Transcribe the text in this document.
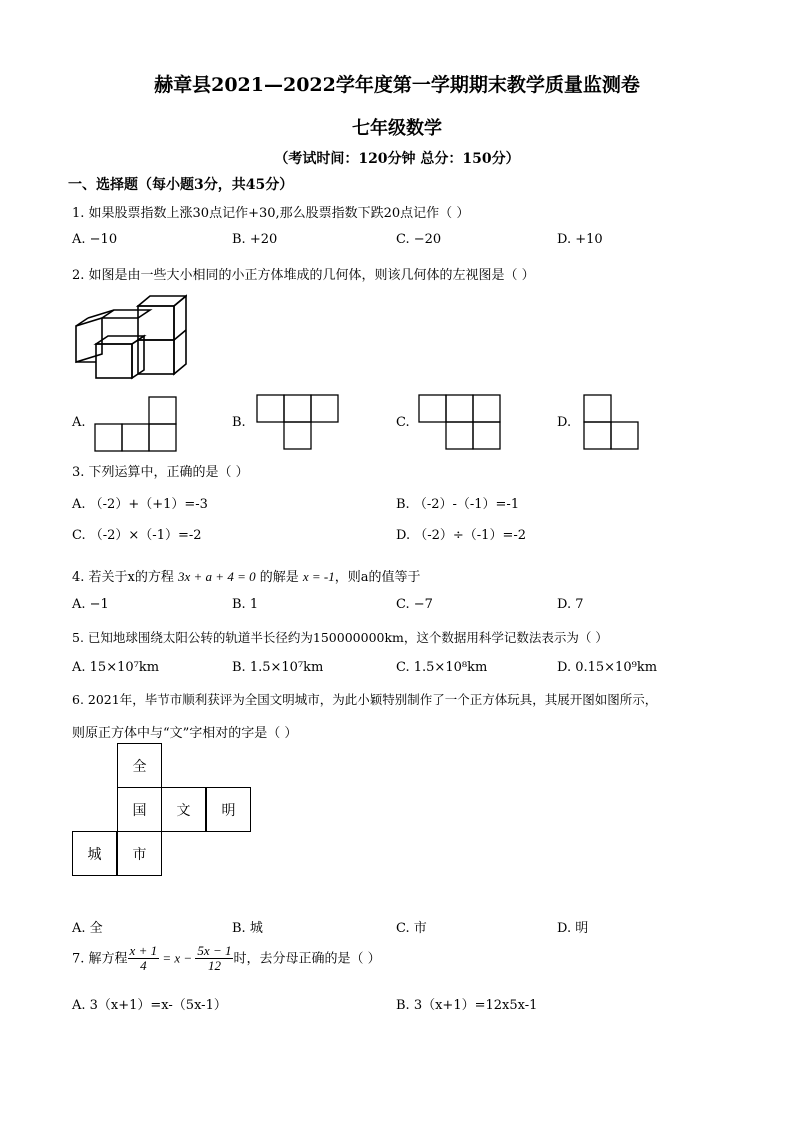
赫章县2021—2022学年度第一学期期末教学质量监测卷
七年级数学
（考试时间：120分钟 总分：150分）
一、选择题（每小题3分，共45分）
1. 如果股票指数上涨30点记作+30,那么股票指数下跌20点记作（ ）
A. −10	B. +20	C. −20	D. +10
2. 如图是由一些大小相同的小正方体堆成的几何体，则该几何体的左视图是（ ）
A.	B.	C.	D.
3. 下列运算中，正确的是（ ）
A. （-2）+（+1）=-3	B. （-2）-（-1）=-1
C. （-2）×（-1）=-2	D. （-2）÷（-1）=-2
4. 若关于x的方程 3x + a + 4 = 0 的解是 x = -1，则a的值等于
A. −1	B. 1	C. −7	D. 7
5. 已知地球围绕太阳公转的轨道半长径约为150000000km，这个数据用科学记数法表示为（ ）
A. 15×10⁷km	B. 1.5×10⁷km	C. 1.5×10⁸km	D. 0.15×10⁹km
6. 2021年，毕节市顺利获评为全国文明城市，为此小颖特别制作了一个正方体玩具，其展开图如图所示，
则原正方体中与“文”字相对的字是（ ）
全
国	文	明
城	市
A. 全	B. 城	C. 市	D. 明
7. 解方程 $\frac{x + 1}{4} = x - \frac{5x - 1}{12}$ 时，去分母正确的是（ ）
A. 3（x+1）=x-（5x-1）	B. 3（x+1）=12x5x-1
